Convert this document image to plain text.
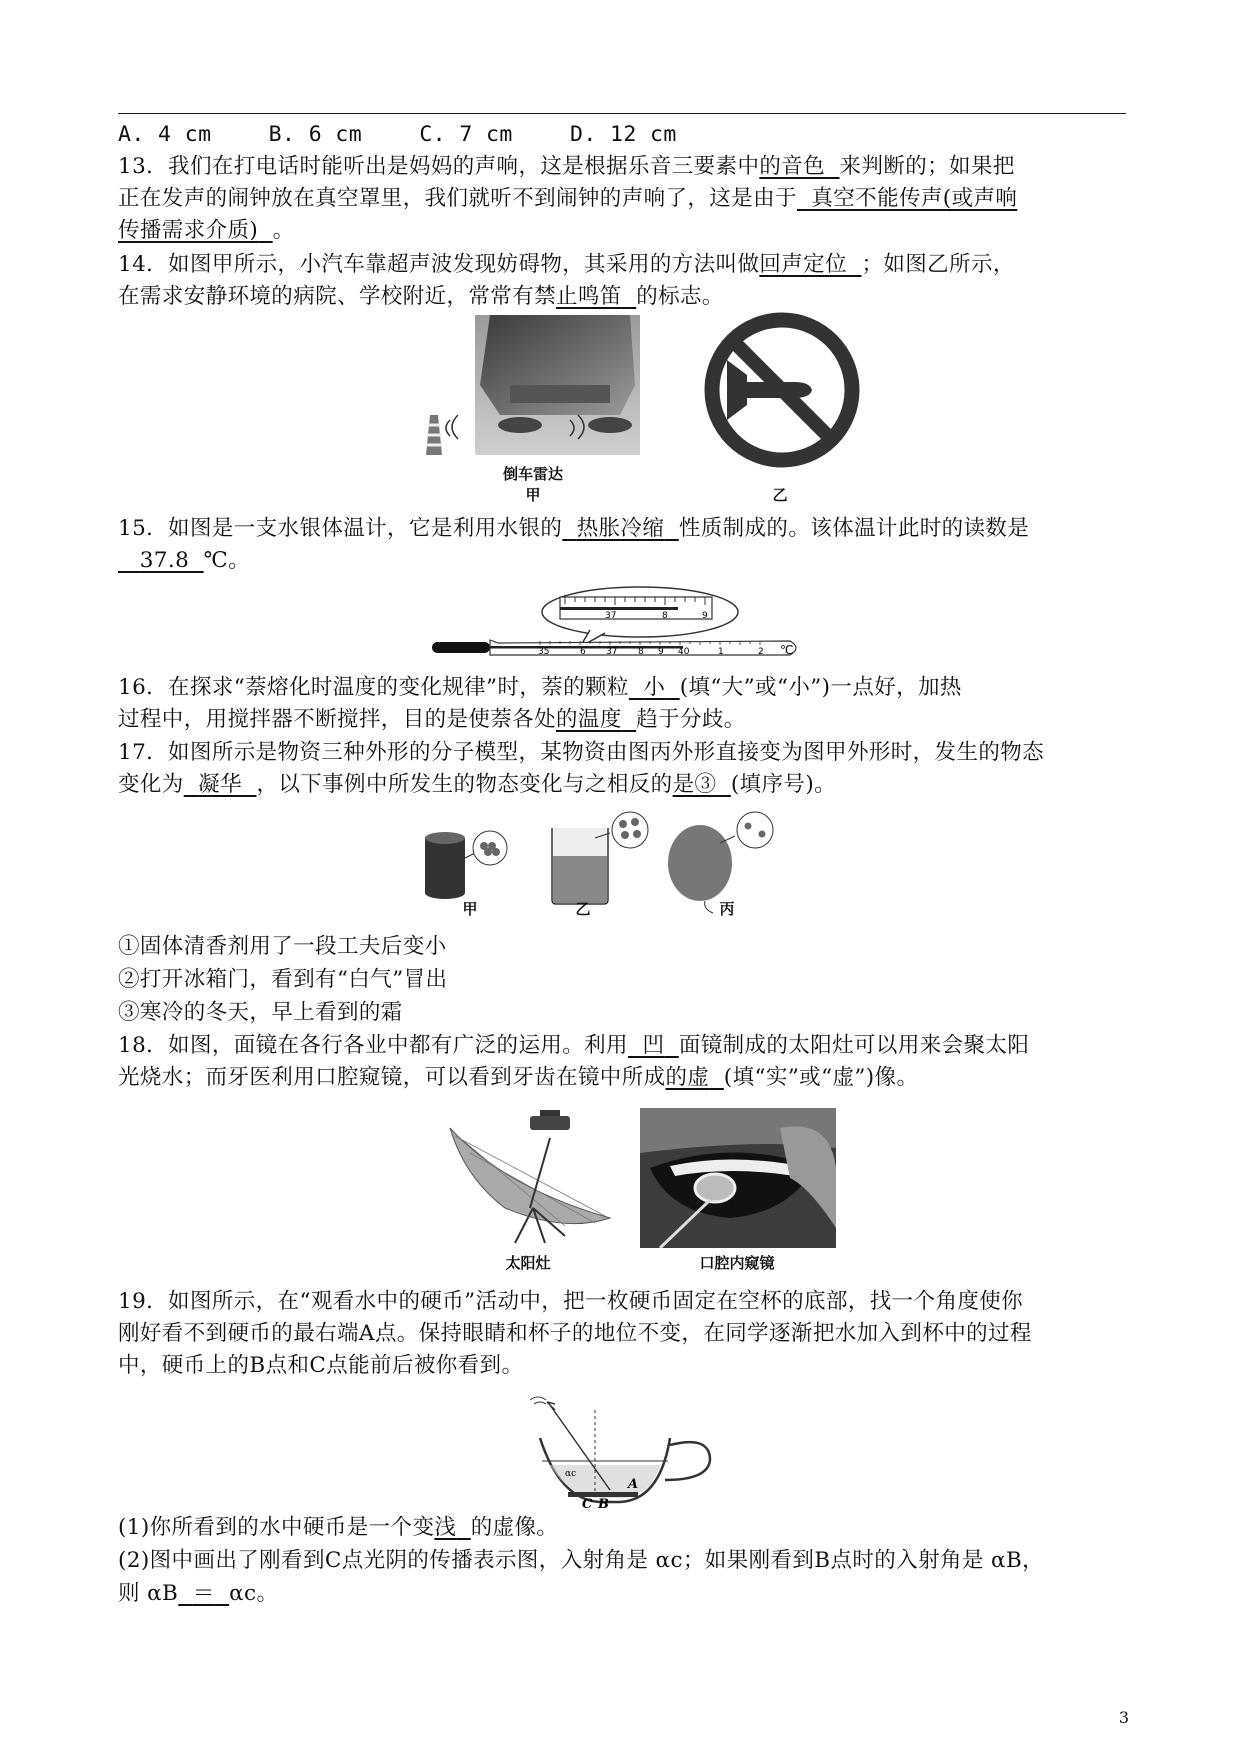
A. 4 cm	B. 6 cm	C. 7 cm	D. 12 cm
13．我们在打电话时能听出是妈妈的声响，这是根据乐音三要素中的音色 来判断的；如果把
正在发声的闹钟放在真空罩里，我们就听不到闹钟的声响了，这是由于 真空不能传声(或声响
传播需求介质) 。
14．如图甲所示，小汽车靠超声波发现妨碍物，其采用的方法叫做回声定位 ；如图乙所示，
在需求安静环境的病院、学校附近，常常有禁止鸣笛 的标志。
倒车雷达
甲	乙
15．如图是一支水银体温计，它是利用水银的 热胀冷缩 性质制成的。该体温计此时的读数是
37.8 ℃。
37	8	9
35	6 37 8 9 40	1	2 ℃
16．在探求“萘熔化时温度的变化规律”时，萘的颗粒 小 (填“大”或“小”)一点好，加热
过程中，用搅拌器不断搅拌，目的是使萘各处的温度 趋于分歧。
17．如图所示是物资三种外形的分子模型，某物资由图丙外形直接变为图甲外形时，发生的物态
变化为 凝华 ，以下事例中所发生的物态变化与之相反的是③ (填序号)。
甲	乙	丙
①固体清香剂用了一段工夫后变小
②打开冰箱门，看到有“白气”冒出
③寒冷的冬天，早上看到的霜
18．如图，面镜在各行各业中都有广泛的运用。利用 凹 面镜制成的太阳灶可以用来会聚太阳
光烧水；而牙医利用口腔窥镜，可以看到牙齿在镜中所成的虚 (填“实”或“虚”)像。
太阳灶	口腔内窥镜
19．如图所示，在“观看水中的硬币”活动中，把一枚硬币固定在空杯的底部，找一个角度使你
刚好看不到硬币的最右端A点。保持眼睛和杯子的地位不变，在同学逐渐把水加入到杯中的过程
中，硬币上的B点和C点能前后被你看到。
A
C B
αc
(1)你所看到的水中硬币是一个变浅 的虚像。
(2)图中画出了刚看到C点光阴的传播表示图，入射角是 αc；如果刚看到B点时的入射角是 αB，
则 αB ＝ αc。
3
